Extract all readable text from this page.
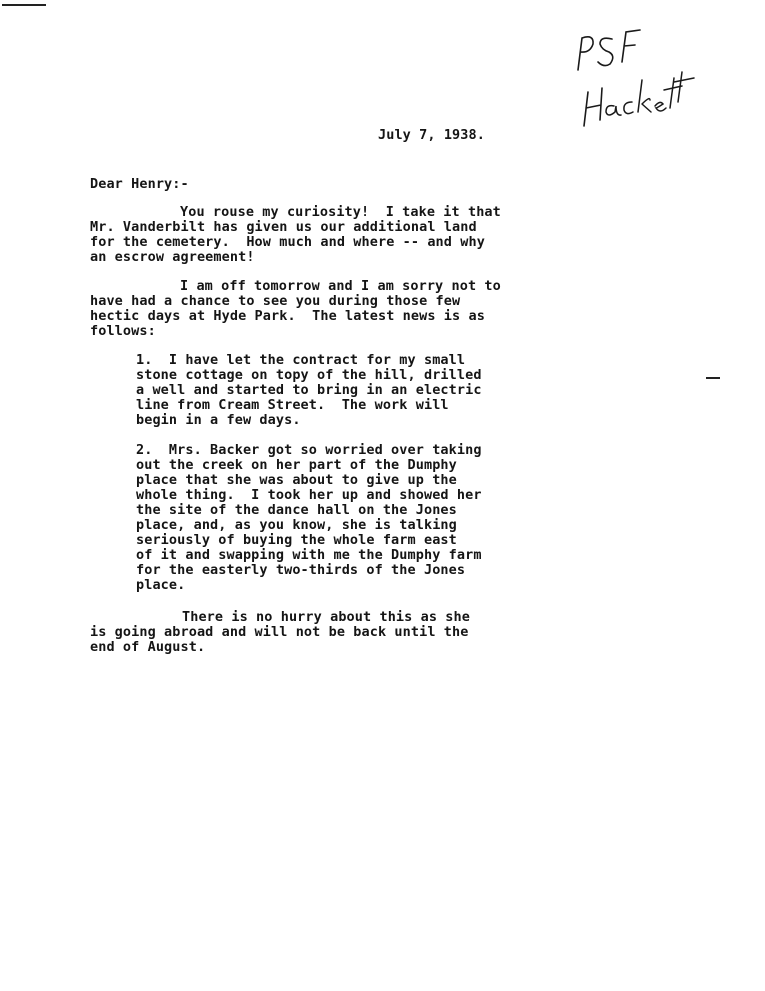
July 7, 1938.
Dear Henry:-
You rouse my curiosity!  I take it that
Mr. Vanderbilt has given us our additional land
for the cemetery.  How much and where -- and why
an escrow agreement!
I am off tomorrow and I am sorry not to
have had a chance to see you during those few
hectic days at Hyde Park.  The latest news is as
follows:
1.  I have let the contract for my small
stone cottage on topy of the hill, drilled
a well and started to bring in an electric
line from Cream Street.  The work will
begin in a few days.
2.  Mrs. Backer got so worried over taking
out the creek on her part of the Dumphy
place that she was about to give up the
whole thing.  I took her up and showed her
the site of the dance hall on the Jones
place, and, as you know, she is talking
seriously of buying the whole farm east
of it and swapping with me the Dumphy farm
for the easterly two-thirds of the Jones
place.
There is no hurry about this as she
is going abroad and will not be back until the
end of August.
